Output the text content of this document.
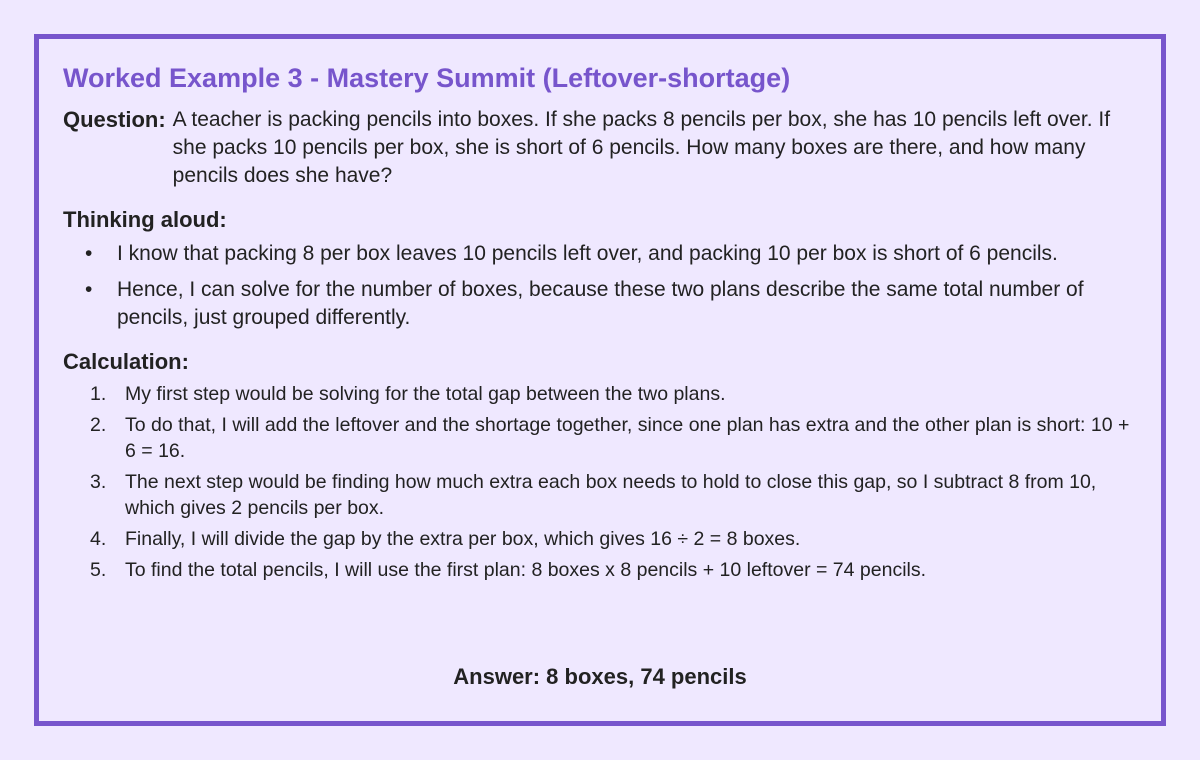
Worked Example 3 - Mastery Summit (Leftover-shortage)
Question: A teacher is packing pencils into boxes. If she packs 8 pencils per box, she has 10 pencils left over. If she packs 10 pencils per box, she is short of 6 pencils. How many boxes are there, and how many pencils does she have?
Thinking aloud:
•	I know that packing 8 per box leaves 10 pencils left over, and packing 10 per box is short of 6 pencils.
•	Hence, I can solve for the number of boxes, because these two plans describe the same total number of pencils, just grouped differently.
Calculation:
1. My first step would be solving for the total gap between the two plans.
2. To do that, I will add the leftover and the shortage together, since one plan has extra and the other plan is short: 10 + 6 = 16.
3. The next step would be finding how much extra each box needs to hold to close this gap, so I subtract 8 from 10, which gives 2 pencils per box.
4. Finally, I will divide the gap by the extra per box, which gives 16 ÷ 2 = 8 boxes.
5. To find the total pencils, I will use the first plan: 8 boxes x 8 pencils + 10 leftover = 74 pencils.
Answer: 8 boxes, 74 pencils
